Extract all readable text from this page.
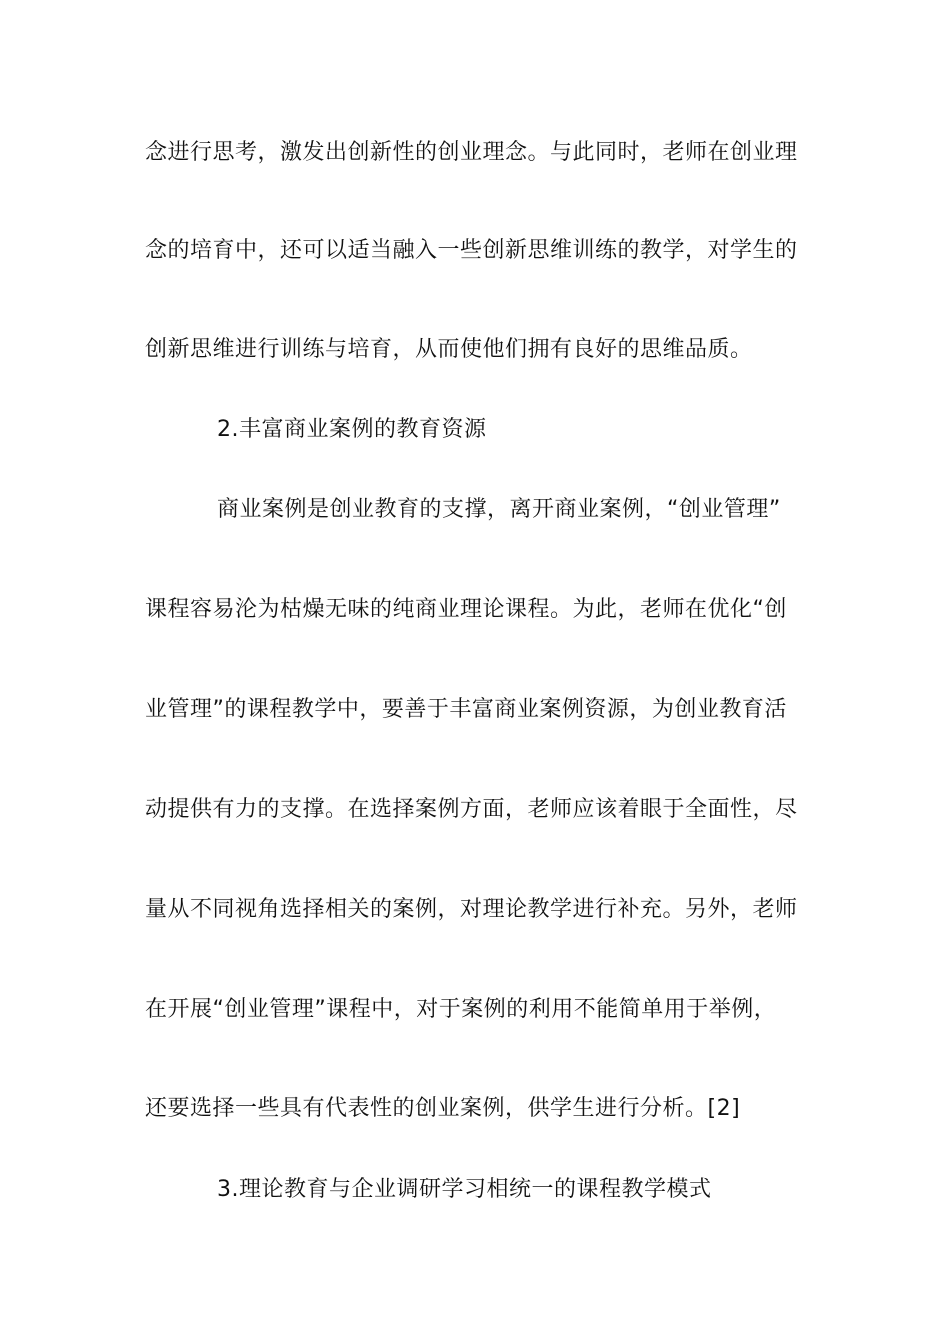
念进行思考，激发出创新性的创业理念。与此同时，老师在创业理
念的培育中，还可以适当融入一些创新思维训练的教学，对学生的
创新思维进行训练与培育，从而使他们拥有良好的思维品质。
2.丰富商业案例的教育资源
商业案例是创业教育的支撑，离开商业案例，“创业管理”
课程容易沦为枯燥无味的纯商业理论课程。为此，老师在优化“创
业管理”的课程教学中，要善于丰富商业案例资源，为创业教育活
动提供有力的支撑。在选择案例方面，老师应该着眼于全面性，尽
量从不同视角选择相关的案例，对理论教学进行补充。另外，老师
在开展“创业管理”课程中，对于案例的利用不能简单用于举例，
还要选择一些具有代表性的创业案例，供学生进行分析。[2]
3.理论教育与企业调研学习相统一的课程教学模式
